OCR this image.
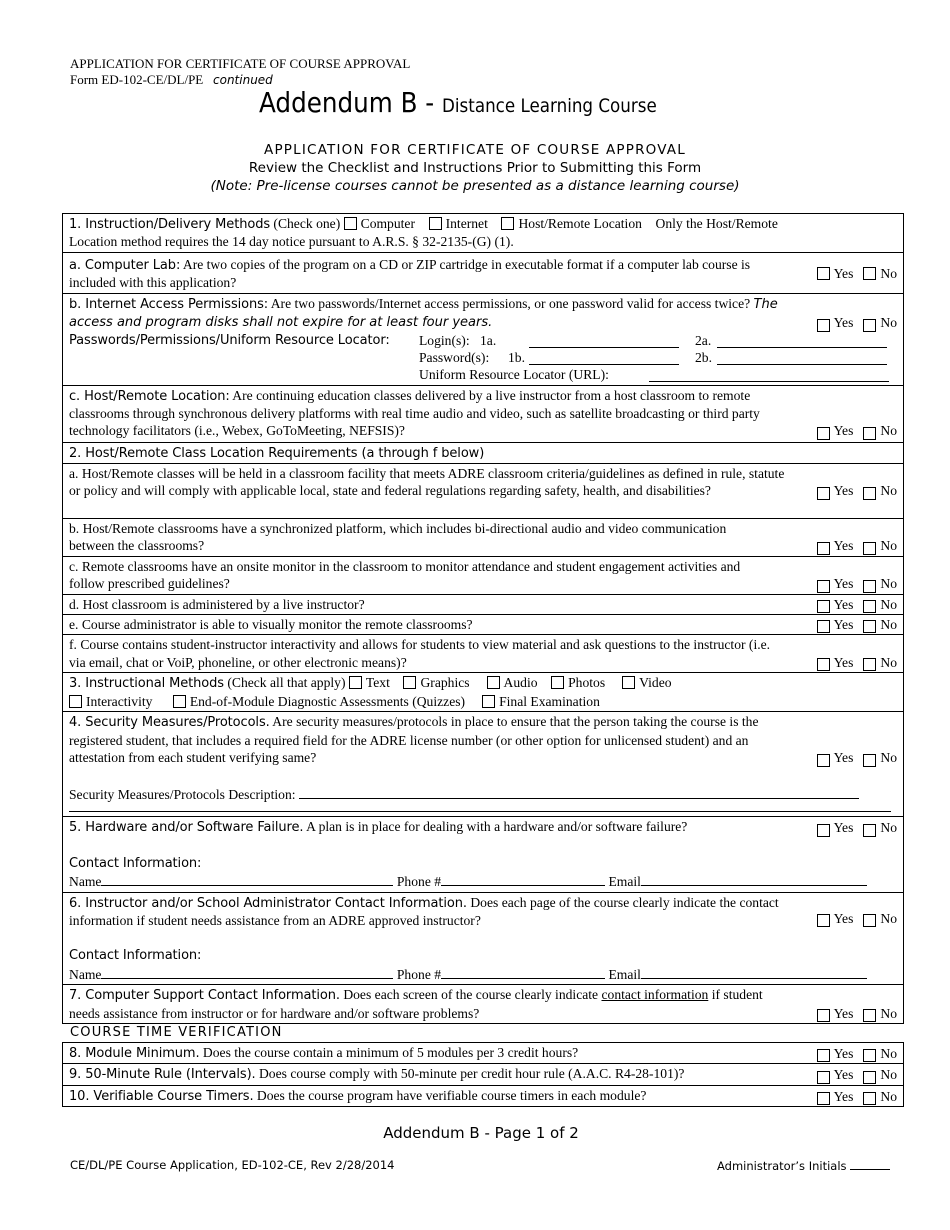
APPLICATION FOR CERTIFICATE OF COURSE APPROVAL
Form ED-102-CE/DL/PE continued
Addendum B - Distance Learning Course
APPLICATION FOR CERTIFICATE OF COURSE APPROVAL
Review the Checklist and Instructions Prior to Submitting this Form
(Note: Pre-license courses cannot be presented as a distance learning course)
1. Instruction/Delivery Methods (Check one) Computer Internet Host/Remote Location Only the Host/Remote
Location method requires the 14 day notice pursuant to A.R.S. § 32-2135-(G) (1).

a. Computer Lab: Are two copies of the program on a CD or ZIP cartridge in executable format if a computer lab course is included with this application?
Yes No

b. Internet Access Permissions: Are two passwords/Internet access permissions, or one password valid for access twice? The access and program disks shall not expire for at least four years.	Yes No
Passwords/Permissions/Uniform Resource Locator: Login(s): 1a.	2a.
Password(s): 1b.	2b.
Uniform Resource Locator (URL):

c. Host/Remote Location: Are continuing education classes delivered by a live instructor from a host classroom to remote classrooms through synchronous delivery platforms with real time audio and video, such as satellite broadcasting or third party technology facilitators (i.e., Webex, GoToMeeting, NEFSIS)?	Yes No

2. Host/Remote Class Location Requirements (a through f below)

a. Host/Remote classes will be held in a classroom facility that meets ADRE classroom criteria/guidelines as defined in rule, statute or policy and will comply with applicable local, state and federal regulations regarding safety, health, and disabilities?	Yes No

b. Host/Remote classrooms have a synchronized platform, which includes bi-directional audio and video communication between the classrooms?	Yes No

c. Remote classrooms have an onsite monitor in the classroom to monitor attendance and student engagement activities and follow prescribed guidelines?	Yes No

d. Host classroom is administered by a live instructor?	Yes No

e. Course administrator is able to visually monitor the remote classrooms?	Yes No

f. Course contains student-instructor interactivity and allows for students to view material and ask questions to the instructor (i.e. via email, chat or VoiP, phoneline, or other electronic means)?	Yes No

3. Instructional Methods (Check all that apply) Text Graphics	Audio Photos	Video
Interactivity	End-of-Module Diagnostic Assessments (Quizzes)	Final Examination

4. Security Measures/Protocols. Are security measures/protocols in place to ensure that the person taking the course is the registered student, that includes a required field for the ADRE license number (or other option for unlicensed student) and an attestation from each student verifying same?	Yes No
Security Measures/Protocols Description:

5. Hardware and/or Software Failure. A plan is in place for dealing with a hardware and/or software failure?	Yes No
Contact Information:
Name	Phone #	Email

6. Instructor and/or School Administrator Contact Information. Does each page of the course clearly indicate the contact information if student needs assistance from an ADRE approved instructor?	Yes No
Contact Information:
Name	Phone #	Email

7. Computer Support Contact Information. Does each screen of the course clearly indicate contact information if student needs assistance from instructor or for hardware and/or software problems?	Yes No
COURSE TIME VERIFICATION
8. Module Minimum. Does the course contain a minimum of 5 modules per 3 credit hours?	Yes No

9. 50-Minute Rule (Intervals). Does course comply with 50-minute per credit hour rule (A.A.C. R4-28-101)?	Yes No

10. Verifiable Course Timers. Does the course program have verifiable course timers in each module?	Yes No
Addendum B - Page 1 of 2
CE/DL/PE Course Application, ED-102-CE, Rev 2/28/2014	Administrator’s Initials
